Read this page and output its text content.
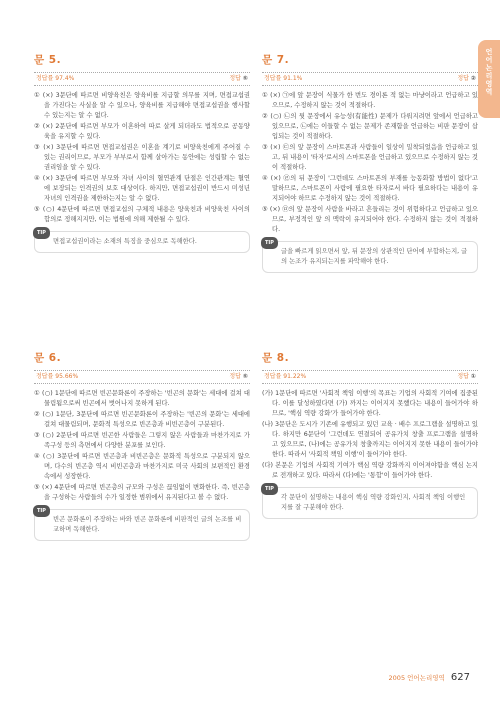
언어논리영역
문 5.
정답률 97.4%	정답 ⑤

① (×) 3문단에 따르면 비양육친은 양육비를 지급할 의무를 지며, 면접교섭권을 가진다는 사실을 알 수 있으나, 양육비를 지급해야 면접교섭권을 행사할 수 있는지는 알 수 없다.

② (×) 2문단에 따르면 부모가 이혼하여 따로 살게 되더라도 법적으로 공동양육을 유지할 수 있다.

③ (×) 3문단에 따르면 면접교섭권은 이혼을 계기로 비양육친에게 주어질 수 있는 권리이므로, 부모가 부부로서 함께 살아가는 동안에는 성립할 수 없는 권리임을 알 수 있다.

④ (×) 3문단에 따르면 부모와 자녀 사이의 혈연관계 단절은 인간관계는 혈연에 보장되는 인격권의 보호 대상이다. 하지만, 면접교섭권이 반드시 미성년 자녀의 인격권을 제한하는지는 알 수 없다.

⑤ (○) 4문단에 따르면 면접교섭의 구체적 내용은 양육친과 비양육친 사이의 합의로 정해지지만, 이는 법원에 의해 제한될 수 있다.

TIP
면접교섭권이라는 소재의 특징을 중심으로 독해한다.
문 7.
정답률 91.1%	정답 ②

① (×) ㉠에 앞 문장이 식물가 한 번도 경이론 적 없는 마냥이라고 언급하고 있으므로, 수정하지 않는 것이 적절하다.

② (○) ㉡의 뒷 문장에서 유능성(有能性) 문제가 다뤄지려면 앞에서 언급하고 있으므로, ㉡에는 이들할 수 없는 문제가 존재함을 언급하는 비판 문장이 삽입되는 것이 적절하다.

③ (×) ㉢의 앞 문장이 스마트폰과 사람들이 일상이 밀착되었음을 언급하고 있고, 뒤 내용이 '타자'로서의 스마트폰을 언급하고 있으므로 수정하지 않는 것이 적절하다.

④ (×) ㉣의 뒤 문장이 '그런데도 스마트폰의 부재를 능동화할 방법이 없다'고 말하므로, 스마트폰이 사람에 필요한 타자로서 바다 필요하다는 내용이 유지되어야 하므로 수정하지 않는 것이 적절하다.

⑤ (×) ㉤의 앞 문장이 사람을 바라고 흔들리는 것이 위험하다고 언급하고 있으므로, 부정적인 앞 의 맥락이 유지되어야 한다. 수정하지 않는 것이 적절하다.

TIP
글을 빠르게 읽으면서 앞, 뒤 문장의 상관적인 단어에 부합하는지, 글의 논조가 유지되는지를 파악해야 한다.
문 6.
정답률 95.66%	정답 ⑤

① (○) 1문단에 따르면 빈곤문화론이 주장하는 '빈곤의 문화'는 세대에 걸쳐 대물림됨으로써 빈곤에서 벗어나지 못하게 된다.

② (○) 1문단, 3문단에 따르면 빈곤문화론이 주장하는 '빈곤의 문화'는 세대에 걸쳐 대물림되며, 문화적 특성으로 빈곤층과 비빈곤층이 구분된다.

③ (○) 2문단에 따르면 빈곤한 사람들은 그렇지 않은 사람들과 마찬가지로 가족구성 등의 측면에서 다양한 분포를 보인다.

④ (○) 3문단에 따르면 빈곤층과 비빈곤층은 문화적 특성으로 구분되지 않으며, 다수의 빈곤층 역시 비빈곤층과 마찬가지로 미국 사회의 보편적인 환경 속에서 성장한다.

⑤ (×) 4문단에 따르면 빈곤층의 규모와 구성은 끊임없이 변화한다. 즉, 빈곤층을 구성하는 사람들의 수가 일정한 범위에서 유지된다고 볼 수 없다.

TIP
빈곤 문화론이 주장하는 바와 빈곤 문화론에 비판적인 글의 논조를 비교하며 독해한다.
문 8.
정답률 91.22%	정답 ①

(가) 1문단에 따르면 '사회적 책임 이행'의 목표는 기업의 사회적 기여에 집중된다. 이를 달성하였다면 (가) 까지는 이어지지 못했다는 내용이 들어가야 하므로, '핵심 역량 강화'가 들어가야 한다.

(나) 3문단은 도시가 기존에 유행되고 있던 교육 · 배수 프로그램을 설명하고 있다. 하지만 6문단이 '그런데도 연결되어 공유가치 창출 프로그램을 설명하고 있으므로, (나)에는 공유가치 창출까지는 이어지지 못한 내용이 들어가야 한다. 따라서 '사회적 책임 이행'이 들어가야 한다.

(다) 본문은 기업의 사회적 기여가 핵심 역량 강화까지 이어져야함을 핵심 논지로 전개하고 있다. 따라서 (다)에는 '통합'이 들어가야 한다.

TIP
각 문단이 설명하는 내용이 핵심 역량 강화인지, 사회적 책임 이행인지를 잘 구분해야 한다.
2005 언어논리영역 627
